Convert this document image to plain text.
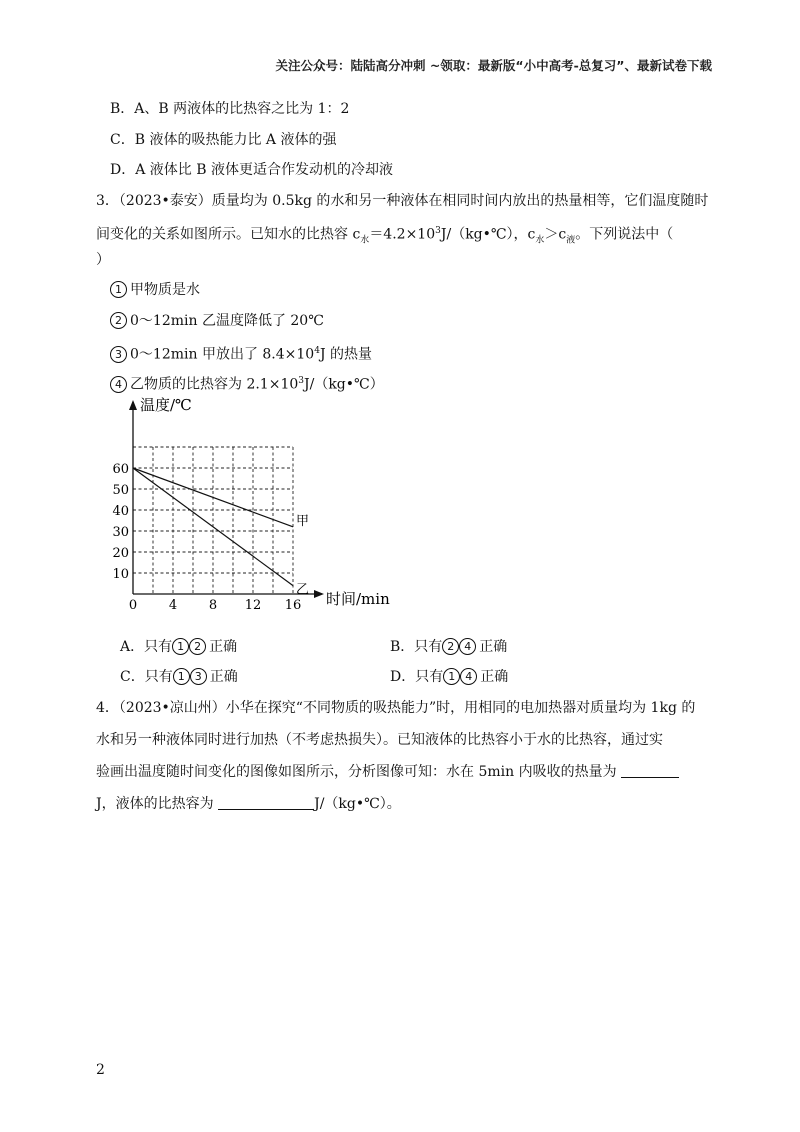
关注公众号：陆陆高分冲刺 ~领取：最新版“小中高考-总复习”、最新试卷下载
B．A、B 两液体的比热容之比为 1：2
C．B 液体的吸热能力比 A 液体的强
D．A 液体比 B 液体更适合作发动机的冷却液
3．（2023•泰安）质量均为 0.5kg 的水和另一种液体在相同时间内放出的热量相等，它们温度随时
间变化的关系如图所示。已知水的比热容 $c_水=4.2\times 10^3J/(kg•℃)$，$c_水>c_液$。下列说法中（
）
1 甲物质是水
2 0～12min 乙温度降低了 20℃
3 0～12min 甲放出了 $8.4\times 10^4J$ 的热量
4 乙物质的比热容为 $2.1\times 10^3J/(kg•℃)$
0 4 8 12 16
10
20
30
40
50
60
甲
乙
温度/℃
时间/min
A．只有 1 2 正确	B．只有 2 4 正确
C．只有 1 3 正确	D．只有 1 4 正确
4．（2023•凉山州）小华在探究“不同物质的吸热能力”时，用相同的电加热器对质量均为 1kg 的
水和另一种液体同时进行加热（不考虑热损失）。已知液体的比热容小于水的比热容，通过实
验画出温度随时间变化的图像如图所示，分析图像可知：水在 5min 内吸收的热量为
J，液体的比热容为	J/（kg•℃）。
2
